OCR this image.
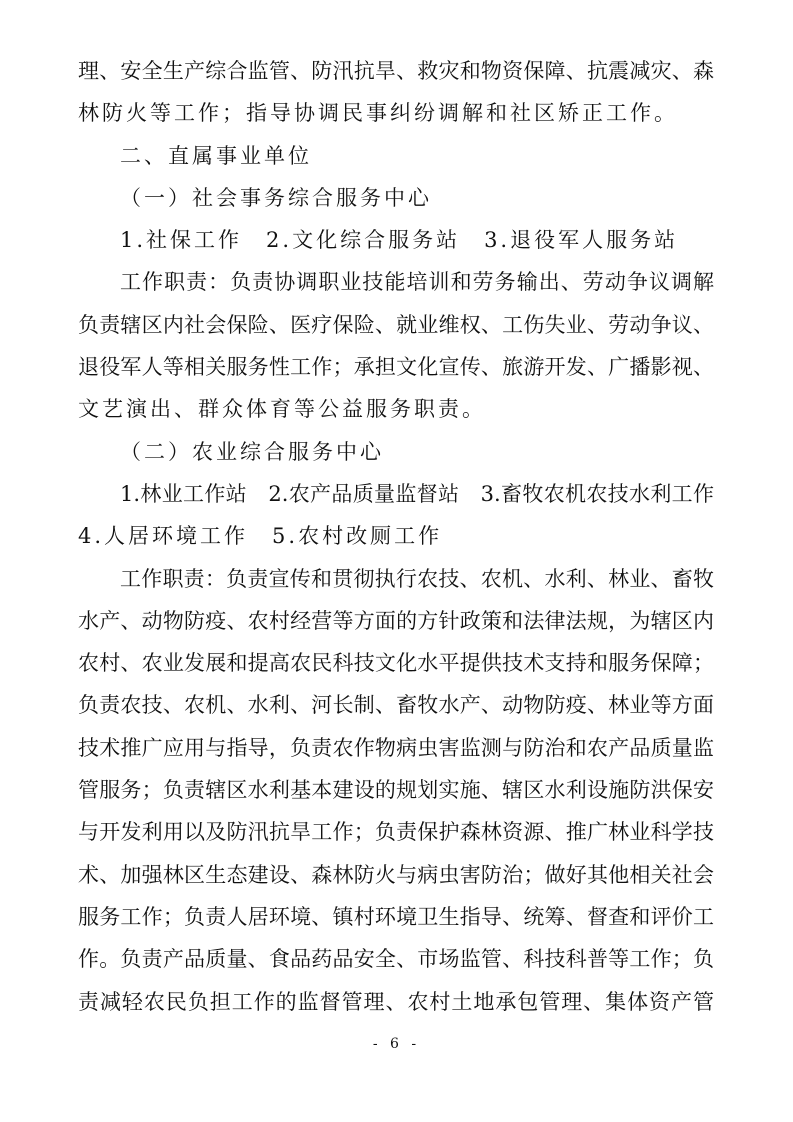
理、安全生产综合监管、防汛抗旱、救灾和物资保障、抗震减灾、森
林防火等工作；指导协调民事纠纷调解和社区矫正工作。
二、直属事业单位
（一）社会事务综合服务中心
1.社保工作　2.文化综合服务站　3.退役军人服务站
工作职责：负责协调职业技能培训和劳务输出、劳动争议调解
负责辖区内社会保险、医疗保险、就业维权、工伤失业、劳动争议、
退役军人等相关服务性工作；承担文化宣传、旅游开发、广播影视、
文艺演出、群众体育等公益服务职责。
（二）农业综合服务中心
1.林业工作站　2.农产品质量监督站　3.畜牧农机农技水利工作
4.人居环境工作　5.农村改厕工作
工作职责：负责宣传和贯彻执行农技、农机、水利、林业、畜牧
水产、动物防疫、农村经营等方面的方针政策和法律法规，为辖区内
农村、农业发展和提高农民科技文化水平提供技术支持和服务保障；
负责农技、农机、水利、河长制、畜牧水产、动物防疫、林业等方面
技术推广应用与指导，负责农作物病虫害监测与防治和农产品质量监
管服务；负责辖区水利基本建设的规划实施、辖区水利设施防洪保安
与开发利用以及防汛抗旱工作；负责保护森林资源、推广林业科学技
术、加强林区生态建设、森林防火与病虫害防治；做好其他相关社会
服务工作；负责人居环境、镇村环境卫生指导、统筹、督查和评价工
作。负责产品质量、食品药品安全、市场监管、科技科普等工作；负
责减轻农民负担工作的监督管理、农村土地承包管理、集体资产管
- 6 -
